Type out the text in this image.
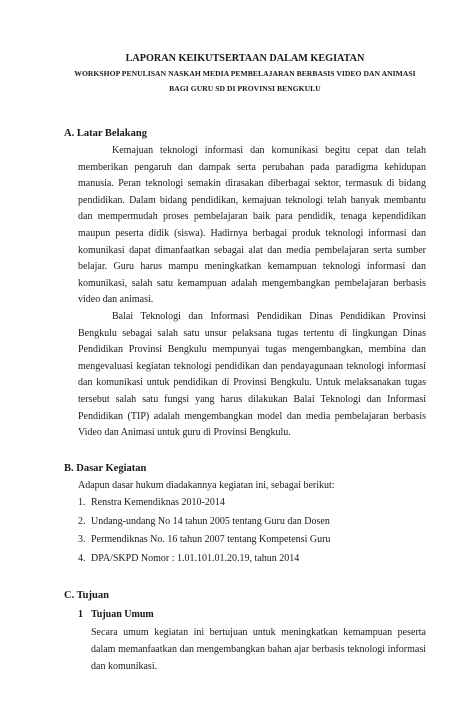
LAPORAN KEIKUTSERTAAN DALAM KEGIATAN
WORKSHOP PENULISAN NASKAH MEDIA PEMBELAJARAN BERBASIS VIDEO DAN ANIMASI
BAGI GURU SD DI PROVINSI BENGKULU
A. Latar Belakang

Kemajuan teknologi informasi dan komunikasi begitu cepat dan telah memberikan pengaruh dan dampak serta perubahan pada paradigma kehidupan manusia. Peran teknologi semakin dirasakan diberbagai sektor, termasuk di bidang pendidikan. Dalam bidang pendidikan, kemajuan teknologi telah banyak membantu dan mempermudah proses pembelajaran baik para pendidik, tenaga kependidikan maupun peserta didik (siswa). Hadirnya berbagai produk teknologi informasi dan komunikasi dapat dimanfaatkan sebagai alat dan media pembelajaran serta sumber belajar. Guru harus mampu meningkatkan kemampuan teknologi informasi dan komunikasi, salah satu kemampuan adalah mengembangkan pembelajaran berbasis video dan animasi.

Balai Teknologi dan Informasi Pendidikan Dinas Pendidikan Provinsi Bengkulu sebagai salah satu unsur pelaksana tugas tertentu di lingkungan Dinas Pendidikan Provinsi Bengkulu mempunyai tugas mengembangkan, membina dan mengevaluasi kegiatan teknologi pendidikan dan pendayagunaan teknologi informasi dan komunikasi untuk pendidikan di Provinsi Bengkulu. Untuk melaksanakan tugas tersebut salah satu fungsi yang harus dilakukan Balai Teknologi dan Informasi Pendidikan (TIP) adalah mengembangkan model dan media pembelajaran berbasis Video dan Animasi untuk guru di Provinsi Bengkulu.

B. Dasar Kegiatan
Adapun dasar hukum diadakannya kegiatan ini, sebagai berikut:
1. Renstra Kemendiknas 2010-2014
2. Undang-undang No 14 tahun 2005 tentang Guru dan Dosen
3. Permendiknas No. 16 tahun 2007 tentang Kompetensi Guru
4. DPA/SKPD Nomor : 1.01.101.01.20.19, tahun 2014
C. Tujuan
1 Tujuan Umum
Secara umum kegiatan ini bertujuan untuk meningkatkan kemampuan peserta dalam memanfaatkan dan mengembangkan bahan ajar berbasis teknologi informasi dan komunikasi.
